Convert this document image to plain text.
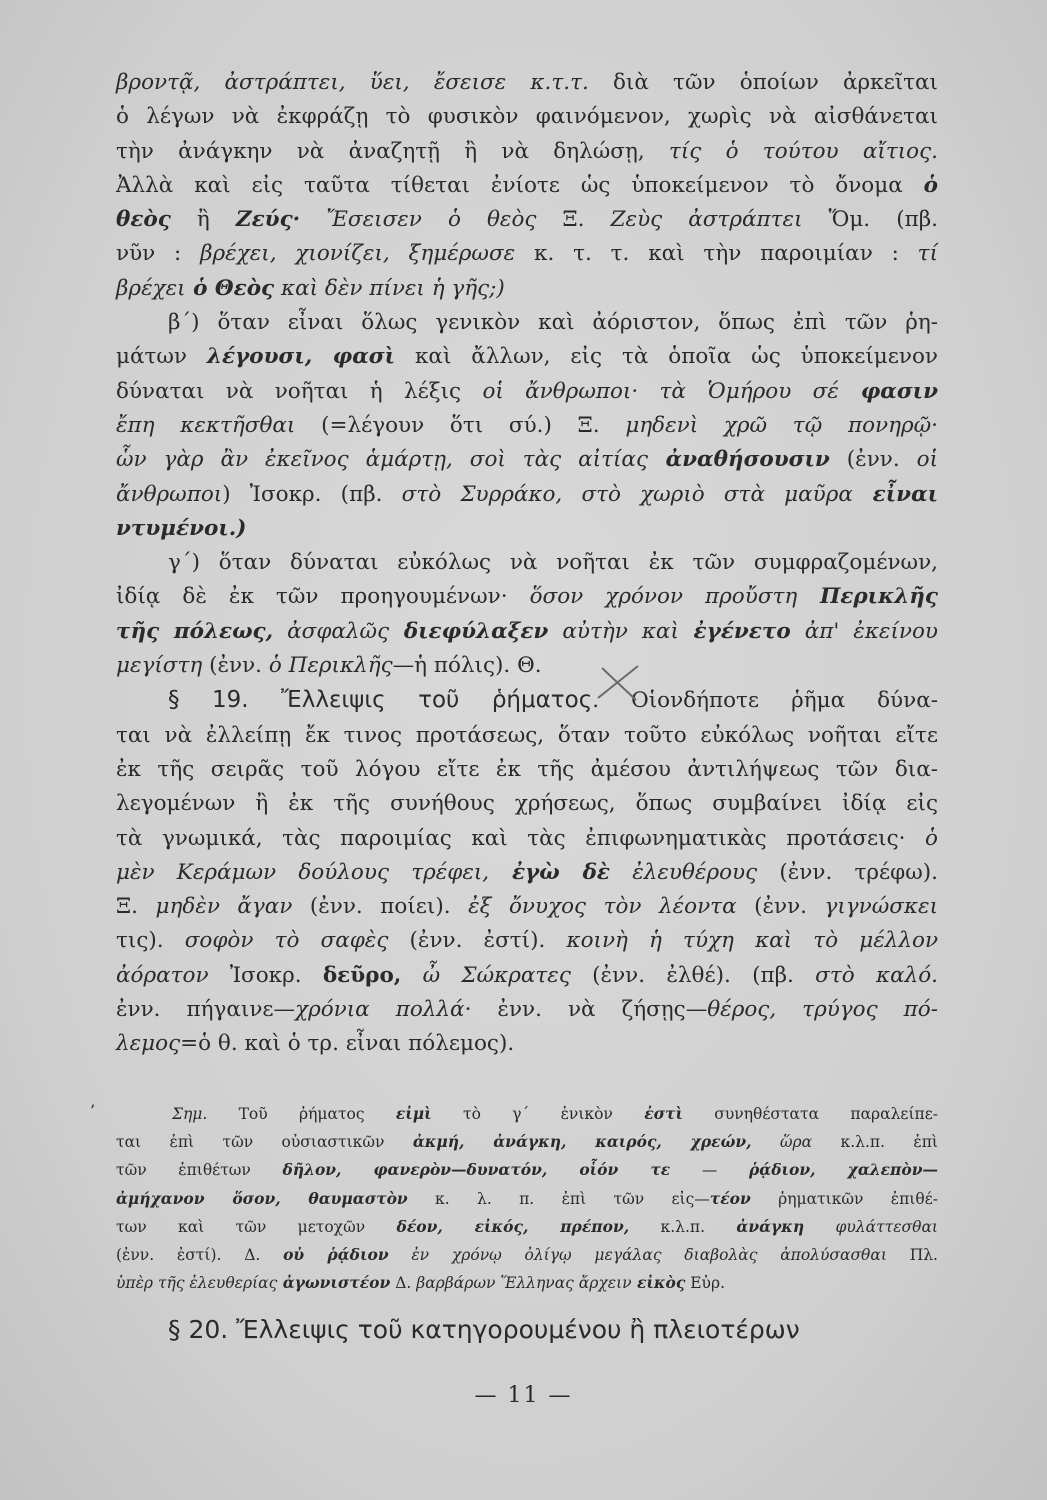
βροντᾷ, ἀστράπτει, ὕει, ἔσεισε κ.τ.τ. διὰ τῶν ὁποίων ἀρκεῖται
ὁ λέγων νὰ ἐκφράζῃ τὸ φυσικὸν φαινόμενον, χωρὶς νὰ αἰσθάνεται
τὴν ἀνάγκην νὰ ἀναζητῇ ἢ νὰ δηλώσῃ, τίς ὁ τούτου αἴτιος.
Ἀλλὰ καὶ εἰς ταῦτα τίθεται ἐνίοτε ὡς ὑποκείμενον τὸ ὄνομα ὁ
θεὸς ἢ Ζεύς· Ἔσεισεν ὁ θεὸς Ξ. Ζεὺς ἀστράπτει Ὅμ. (πβ.
νῦν : βρέχει, χιονίζει, ξημέρωσε κ. τ. τ. καὶ τὴν παροιμίαν : τί
βρέχει ὁ Θεὸς καὶ δὲν πίνει ἡ γῆς;)
β΄) ὅταν εἶναι ὅλως γενικὸν καὶ ἀόριστον, ὅπως ἐπὶ τῶν ῥη-
μάτων λέγουσι, φασὶ καὶ ἄλλων, εἰς τὰ ὁποῖα ὡς ὑποκείμενον
δύναται νὰ νοῆται ἡ λέξις οἱ ἄνθρωποι· τὰ Ὁμήρου σέ φασιν
ἔπη κεκτῆσθαι (=λέγουν ὅτι σύ.) Ξ. μηδενὶ χρῶ τῷ πονηρῷ·
ὧν γὰρ ἂν ἐκεῖνος ἁμάρτῃ, σοὶ τὰς αἰτίας ἀναθήσουσιν (ἐνν. οἱ
ἄνθρωποι) Ἰσοκρ. (πβ. στὸ Συρράκο, στὸ χωριὸ στὰ μαῦρα εἶναι
ντυμένοι.)
γ΄) ὅταν δύναται εὐκόλως νὰ νοῆται ἐκ τῶν συμφραζομένων,
ἰδίᾳ δὲ ἐκ τῶν προηγουμένων· ὅσον χρόνον προὔστη Περικλῆς
τῆς πόλεως, ἀσφαλῶς διεφύλαξεν αὐτὴν καὶ ἐγένετο ἀπ' ἐκείνου
μεγίστη (ἐνν. ὁ Περικλῆς—ἡ πόλις). Θ.
§ 19. Ἔλλειψις τοῦ ῥήματος. Οἱονδήποτε ῥῆμα δύνα-
ται νὰ ἐλλείπῃ ἔκ τινος προτάσεως, ὅταν τοῦτο εὐκόλως νοῆται εἴτε
ἐκ τῆς σειρᾶς τοῦ λόγου εἴτε ἐκ τῆς ἀμέσου ἀντιλήψεως τῶν δια-
λεγομένων ἢ ἐκ τῆς συνήθους χρήσεως, ὅπως συμβαίνει ἰδίᾳ εἰς
τὰ γνωμικά, τὰς παροιμίας καὶ τὰς ἐπιφωνηματικὰς προτάσεις· ὁ
μὲν Κεράμων δούλους τρέφει, ἐγὼ δὲ ἐλευθέρους (ἐνν. τρέφω).
Ξ. μηδὲν ἄγαν (ἐνν. ποίει). ἐξ ὄνυχος τὸν λέοντα (ἐνν. γιγνώσκει
τις). σοφὸν τὸ σαφὲς (ἐνν. ἐστί). κοινὴ ἡ τύχη καὶ τὸ μέλλον
ἀόρατον Ἰσοκρ. δεῦρο, ὦ Σώκρατες (ἐνν. ἐλθέ). (πβ. στὸ καλό.
ἐνν. πήγαινε—χρόνια πολλά· ἐνν. νὰ ζήσῃς—θέρος, τρύγος πό-
λεμος=ὁ θ. καὶ ὁ τρ. εἶναι πόλεμος).
’	Σημ. Τοῦ ῥήματος εἰμὶ τὸ γ΄ ἑνικὸν ἐστὶ συνηθέστατα παραλείπε-
ται ἐπὶ τῶν οὐσιαστικῶν ἀκμή, ἀνάγκη, καιρός, χρεών, ὥρα κ.λ.π. ἐπὶ
τῶν ἐπιθέτων δῆλον, φανερὸν—δυνατόν, οἷόν τε — ῥᾴδιον, χαλεπὸν—
ἀμήχανον ὅσον, θαυμαστὸν κ. λ. π. ἐπὶ τῶν εἰς—τέον ῥηματικῶν ἐπιθέ-
των καὶ τῶν μετοχῶν δέον, εἰκός, πρέπον, κ.λ.π. ἀνάγκη φυλάττεσθαι
(ἐνν. ἐστί). Δ. οὐ ῥᾴδιον ἐν χρόνῳ ὀλίγῳ μεγάλας διαβολὰς ἀπολύσασθαι Πλ.
ὑπὲρ τῆς ἐλευθερίας ἀγωνιστέον Δ. βαρβάρων Ἕλληνας ἄρχειν εἰκὸς Εὐρ.
§ 20. Ἔλλειψις τοῦ κατηγορουμένου ἢ πλειοτέρων
— 11 —
